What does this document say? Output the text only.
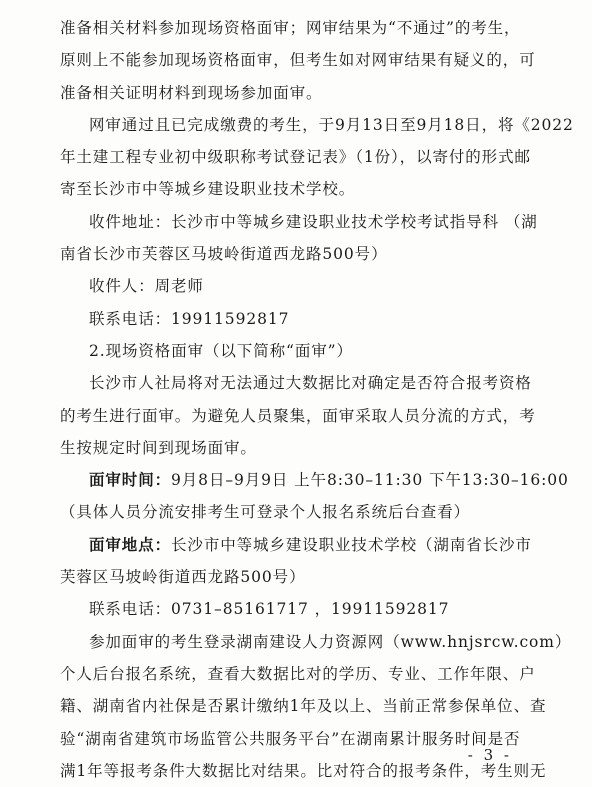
准备相关材料参加现场资格面审；网审结果为“不通过”的考生，
原则上不能参加现场资格面审，但考生如对网审结果有疑义的，可
准备相关证明材料到现场参加面审。
网审通过且已完成缴费的考生，于9月13日至9月18日，将《2022
年土建工程专业初中级职称考试登记表》（1份），以寄付的形式邮
寄至长沙市中等城乡建设职业技术学校。
收件地址：长沙市中等城乡建设职业技术学校考试指导科 （湖
南省长沙市芙蓉区马坡岭街道西龙路500号）
收件人：周老师
联系电话：19911592817
2.现场资格面审（以下简称“面审”）
长沙市人社局将对无法通过大数据比对确定是否符合报考资格
的考生进行面审。为避免人员聚集，面审采取人员分流的方式，考
生按规定时间到现场面审。
面审时间：9月8日–9月9日 上午8:30–11:30 下午13:30–16:00
（具体人员分流安排考生可登录个人报名系统后台查看）
面审地点：长沙市中等城乡建设职业技术学校（湖南省长沙市
芙蓉区马坡岭街道西龙路500号）
联系电话：0731–85161717 ，19911592817
参加面审的考生登录湖南建设人力资源网（www.hnjsrcw.com）
个人后台报名系统，查看大数据比对的学历、专业、工作年限、户
籍、湖南省内社保是否累计缴纳1年及以上、当前正常参保单位、查
验“湖南省建筑市场监管公共服务平台”在湖南累计服务时间是否
满1年等报考条件大数据比对结果。比对符合的报考条件，考生则无
- 3 -
